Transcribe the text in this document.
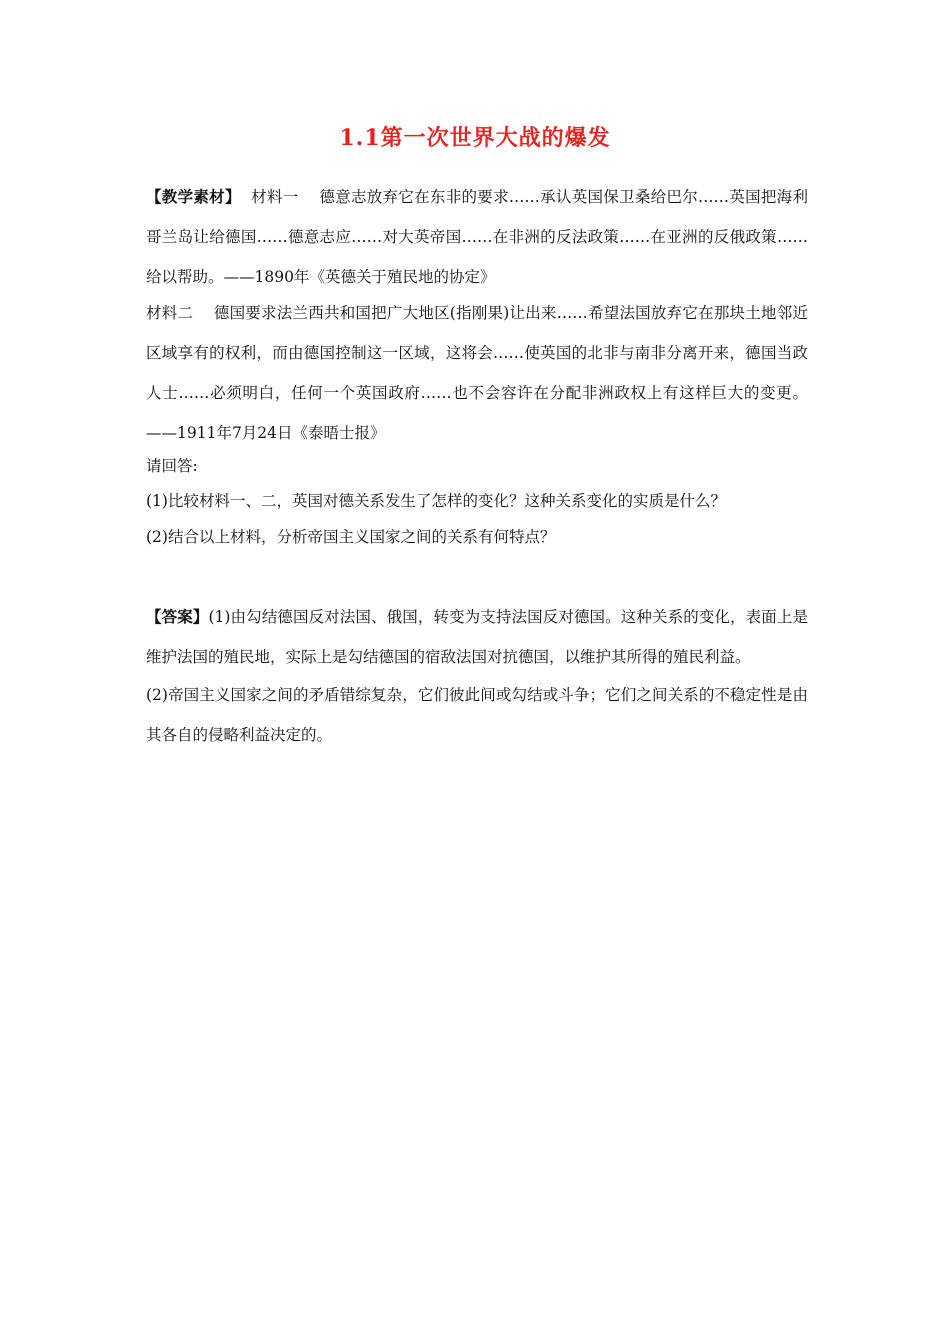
1.1第一次世界大战的爆发

【教学素材】 材料一 德意志放弃它在东非的要求……承认英国保卫桑给巴尔……英国把海利哥兰岛让给德国……德意志应……对大英帝国……在非洲的反法政策……在亚洲的反俄政策……给以帮助。——1890年《英德关于殖民地的协定》

材料二 德国要求法兰西共和国把广大地区(指刚果)让出来……希望法国放弃它在那块土地邻近区域享有的权利，而由德国控制这一区域，这将会……使英国的北非与南非分离开来，德国当政人士……必须明白，任何一个英国政府……也不会容许在分配非洲政权上有这样巨大的变更。——1911年7月24日《泰晤士报》

请回答:

(1)比较材料一、二，英国对德关系发生了怎样的变化？这种关系变化的实质是什么？

(2)结合以上材料，分析帝国主义国家之间的关系有何特点？

【答案】(1)由勾结德国反对法国、俄国，转变为支持法国反对德国。这种关系的变化，表面上是维护法国的殖民地，实际上是勾结德国的宿敌法国对抗德国，以维护其所得的殖民利益。

(2)帝国主义国家之间的矛盾错综复杂，它们彼此间或勾结或斗争；它们之间关系的不稳定性是由其各自的侵略利益决定的。
